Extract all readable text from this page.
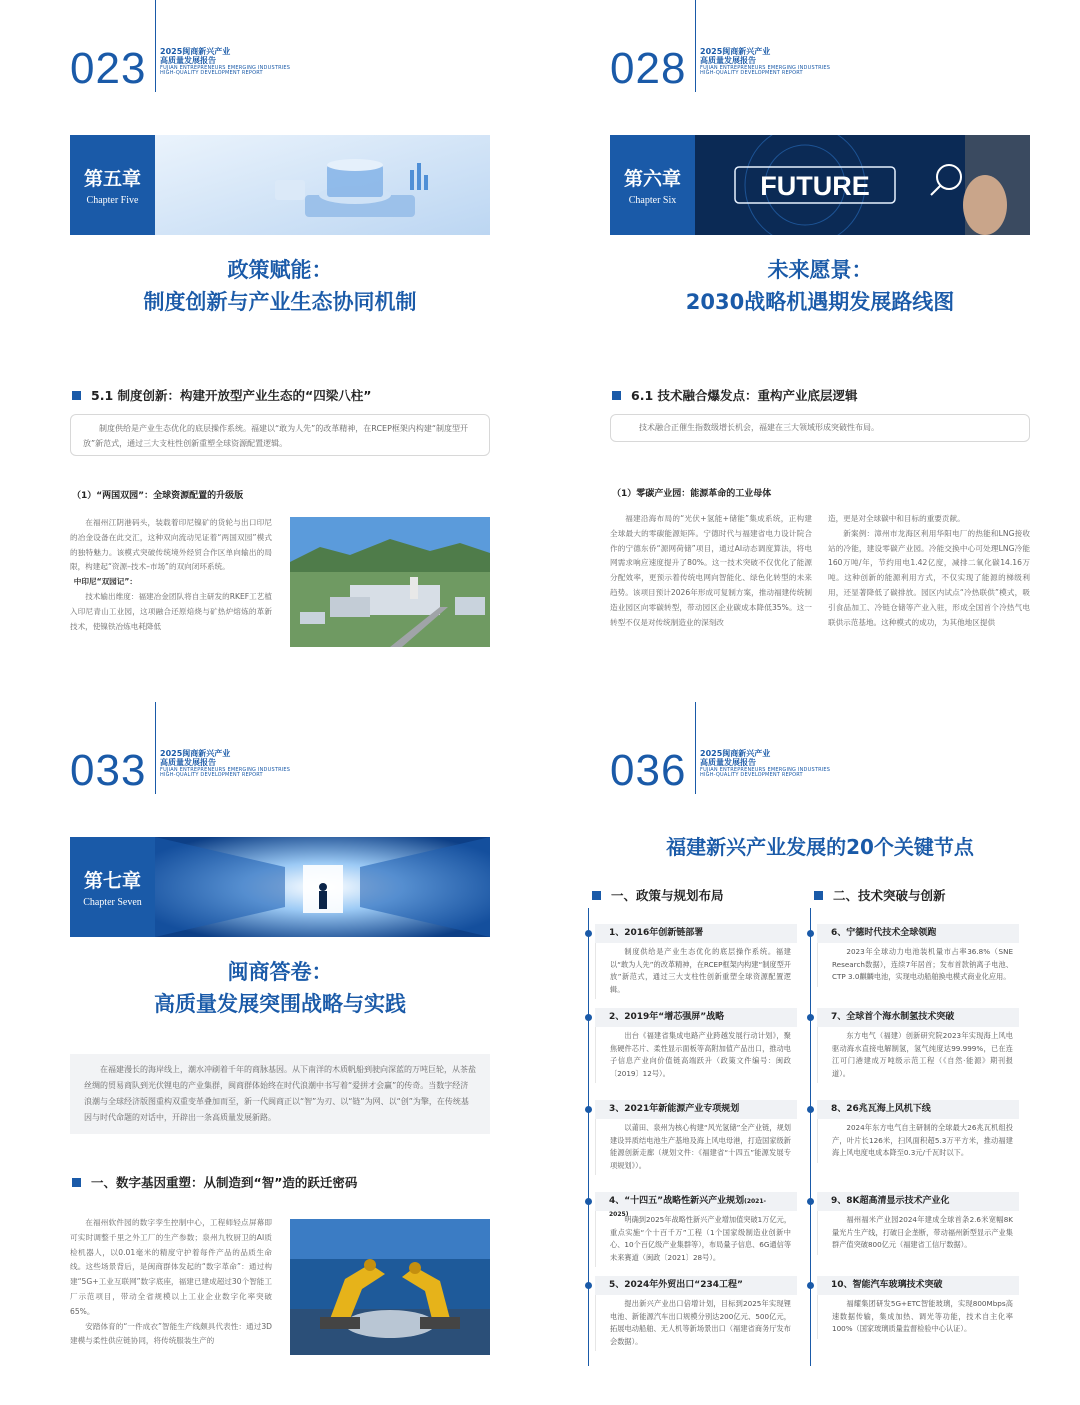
023 2025闽商新兴产业
高质量发展报告
FUJIAN ENTREPRENEURS EMERGING INDUSTRIES
HIGH-QUALITY DEVELOPMENT REPORT
第五章
Chapter Five
政策赋能：
制度创新与产业生态协同机制
5.1 制度创新：构建开放型产业生态的“四梁八柱”
制度供给是产业生态优化的底层操作系统。福建以“敢为人先”的改革精神，在RCEP框架内构建“制度型开放”新范式，通过三大支柱性创新重塑全球资源配置逻辑。
（1）“两国双园”：全球资源配置的升级版

在福州江阴港码头，装载着印尼镍矿的货轮与出口印尼的冶金设备在此交汇，这种双向流动见证着“两国双园”模式的独特魅力。该模式突破传统境外经贸合作区单向输出的局限，构建起“资源–技术–市场”的双向闭环系统。

中印尼“双园记”：

技术输出维度：福建冶金团队将自主研发的RKEF工艺植入印尼青山工业园，这项融合还原焙烧与矿热炉熔炼的革新技术，使镍铁冶炼电耗降低

028 2025闽商新兴产业
高质量发展报告
FUJIAN ENTREPRENEURS EMERGING INDUSTRIES
HIGH-QUALITY DEVELOPMENT REPORT
第六章
Chapter Six	FUTURE
未来愿景：
2030战略机遇期发展路线图
6.1 技术融合爆发点：重构产业底层逻辑
技术融合正催生指数级增长机会，福建在三大领域形成突破性布局。
（1）零碳产业园：能源革命的工业母体

福建沿海布局的“光伏+氢能+储能”集成系统，正构建全球最大的零碳能源矩阵。宁德时代与福建省电力设计院合作的宁德东侨“源网荷储”项目，通过AI动态调度算法，将电网需求响应速度提升了80%。这一技术突破不仅优化了能源分配效率，更预示着传统电网向智能化、绿色化转型的未来趋势。该项目预计2026年形成可复制方案，推动福建传统制造业园区向零碳转型，带动园区企业碳成本降低35%。这一转型不仅是对传统制造业的深刻改

造，更是对全球碳中和目标的重要贡献。

新案例：漳州市龙海区利用华阳电厂的热能和LNG接收站的冷能，建设零碳产业园。冷能交换中心可处理LNG冷能160万吨/年，节约用电1.42亿度，减排二氧化碳14.16万吨。这种创新的能源利用方式，不仅实现了能源的梯级利用，还显著降低了碳排放。园区内试点“冷热联供”模式，吸引食品加工、冷链仓储等产业入驻，形成全国首个冷热气电联供示范基地。这种模式的成功，为其他地区提供

033 2025闽商新兴产业
高质量发展报告
FUJIAN ENTREPRENEURS EMERGING INDUSTRIES
HIGH-QUALITY DEVELOPMENT REPORT
第七章
Chapter Seven
闽商答卷：
高质量发展突围战略与实践
在福建漫长的海岸线上，潮水冲刷着千年的商脉基因。从下南洋的木质帆船到驶向深蓝的万吨巨轮，从茶盐丝绸的贸易商队到光伏锂电的产业集群，闽商群体始终在时代浪潮中书写着“爱拼才会赢”的传奇。当数字经济浪潮与全球经济版图重构双重变革叠加而至，新一代闽商正以“智”为刃、以“链”为网、以“创”为擎，在传统基因与时代命题的对话中，开辟出一条高质量发展新路。
一、数字基因重塑：从制造到“智”造的跃迁密码

在福州软件园的数字孪生控制中心，工程师轻点屏幕即可实时调整千里之外工厂的生产参数；泉州九牧厨卫的AI质检机器人，以0.01毫米的精度守护着每件产品的品质生命线。这些场景背后，是闽商群体发起的“数字革命”：通过构建“5G+工业互联网”数字底座，福建已建成超过30个智能工厂示范项目，带动全省规模以上工业企业数字化率突破65%。

安踏体育的“一件成衣”智能生产线颇具代表性：通过3D建模与柔性供应链协同，将传统服装生产的

036 2025闽商新兴产业
高质量发展报告
FUJIAN ENTREPRENEURS EMERGING INDUSTRIES
HIGH-QUALITY DEVELOPMENT REPORT
福建新兴产业发展的20个关键节点
一、政策与规划布局	二、技术突破与创新
1、2016年创新链部署
制度供给是产业生态优化的底层操作系统。福建以“敢为人先”的改革精神，在RCEP框架内构建“制度型开放”新范式，通过三大支柱性创新重塑全球资源配置逻辑。
2、2019年“增芯强屏”战略
出台《福建省集成电路产业跨越发展行动计划》，聚焦硬件芯片、柔性显示面板等高附加值产品出口，推动电子信息产业向价值链高端跃升（政策文件编号：闽政〔2019〕12号）。
3、2021年新能源产业专项规划
以莆田、泉州为核心构建“风光氢储”全产业链，规划建设异质结电池生产基地及海上风电母港，打造国家级新能源创新走廊（规划文件：《福建省“十四五”能源发展专项规划》）。
4、“十四五”战略性新兴产业规划(2021-2025)
明确到2025年战略性新兴产业增加值突破1万亿元，重点实施“个十百千万”工程（1个国家级制造业创新中心、10个百亿级产业集群等），布局量子信息、6G通信等未来赛道（闽政〔2021〕28号）。
5、2024年外贸出口“234工程”
提出新兴产业出口倍增计划，目标到2025年实现锂电池、新能源汽车出口规模分别达200亿元、500亿元，拓展电动船舶、无人机等新场景出口（福建省商务厅发布会数据）。
6、宁德时代技术全球领跑
2023年全球动力电池装机量市占率36.8%（SNE Research数据），连续7年居首；发布首款钠离子电池、CTP 3.0麒麟电池，实现电动船舶换电模式商业化应用。
7、全球首个海水制氢技术突破
东方电气（福建）创新研究院2023年实现海上风电驱动海水直接电解制氢，氢气纯度达99.999%，已在连江可门港建成万吨级示范工程（《自然·能源》期刊报道）。
8、26兆瓦海上风机下线
2024年东方电气自主研制的全球最大26兆瓦机组投产，叶片长126米，扫风面积超5.3万平方米，推动福建海上风电度电成本降至0.3元/千瓦时以下。
9、8K超高清显示技术产业化
福州福米产业园2024年建成全球首条2.6米宽幅8K量光片生产线，打破日企垄断，带动福州新型显示产业集群产值突破800亿元（福建省工信厅数据）。
10、智能汽车玻璃技术突破
福耀集团研发5G+ETC智能玻璃，实现800Mbps高速数据传输，集成加热、调光等功能，技术自主化率100%（国家玻璃质量监督检验中心认证）。
